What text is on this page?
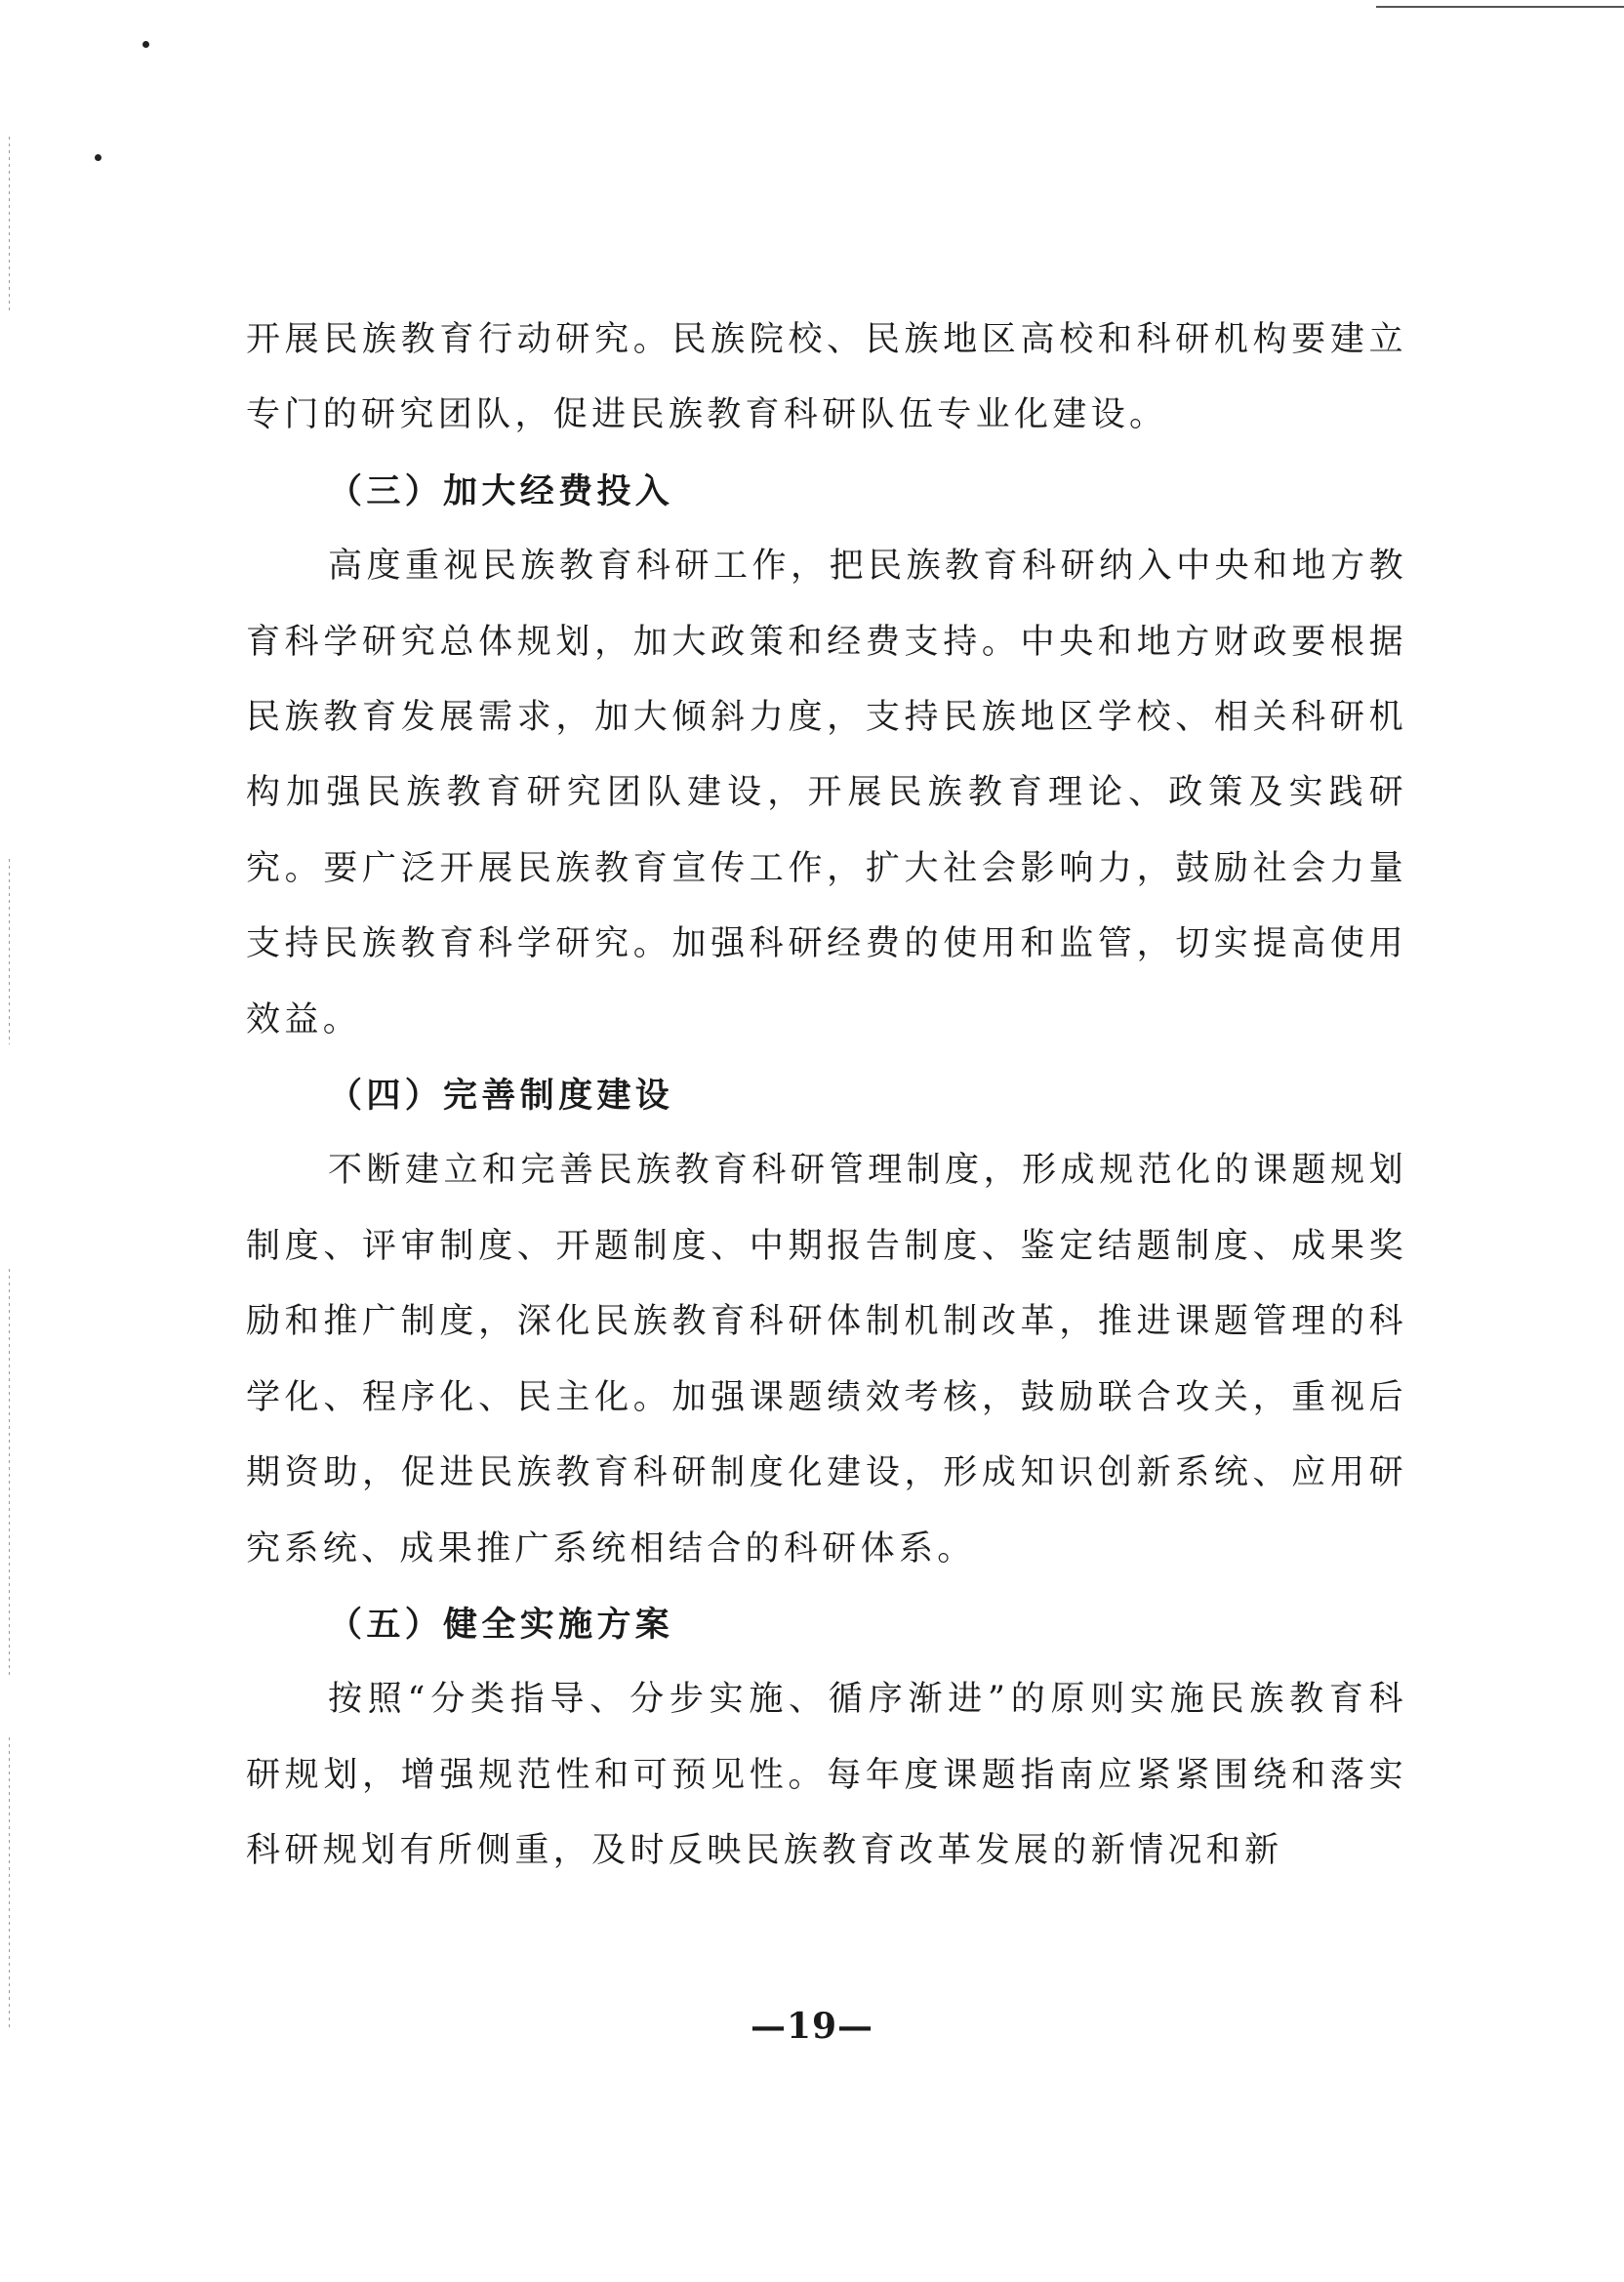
开展民族教育行动研究。民族院校、民族地区高校和科研机构要建立专门的研究团队，促进民族教育科研队伍专业化建设。

（三）加大经费投入

高度重视民族教育科研工作，把民族教育科研纳入中央和地方教育科学研究总体规划，加大政策和经费支持。中央和地方财政要根据民族教育发展需求，加大倾斜力度，支持民族地区学校、相关科研机构加强民族教育研究团队建设，开展民族教育理论、政策及实践研究。要广泛开展民族教育宣传工作，扩大社会影响力，鼓励社会力量支持民族教育科学研究。加强科研经费的使用和监管，切实提高使用效益。

（四）完善制度建设

不断建立和完善民族教育科研管理制度，形成规范化的课题规划制度、评审制度、开题制度、中期报告制度、鉴定结题制度、成果奖励和推广制度，深化民族教育科研体制机制改革，推进课题管理的科学化、程序化、民主化。加强课题绩效考核，鼓励联合攻关，重视后期资助，促进民族教育科研制度化建设，形成知识创新系统、应用研究系统、成果推广系统相结合的科研体系。

（五）健全实施方案

按照“分类指导、分步实施、循序渐进”的原则实施民族教育科研规划，增强规范性和可预见性。每年度课题指南应紧紧围绕和落实科研规划有所侧重，及时反映民族教育改革发展的新情况和新

—19—
